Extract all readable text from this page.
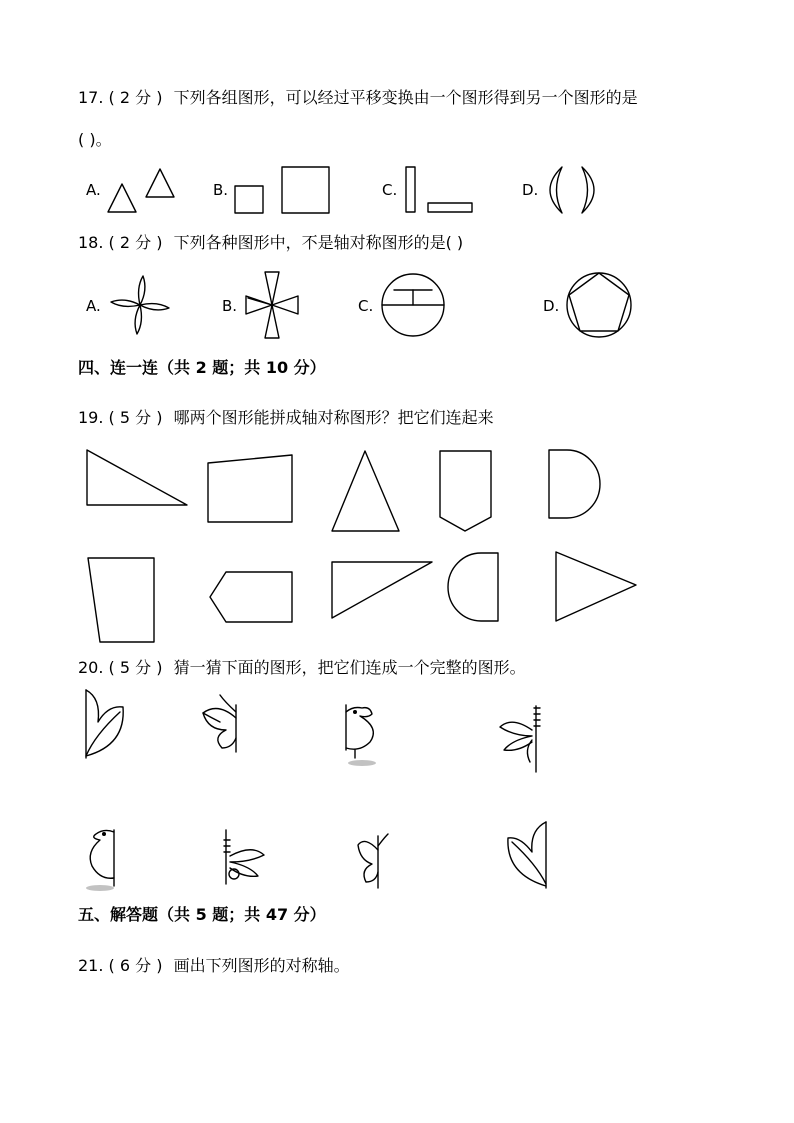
17. ( 2 分 ) 下列各组图形，可以经过平移变换由一个图形得到另一个图形的是
( )。
A.	B.	C.	D.
18. ( 2 分 ) 下列各种图形中，不是轴对称图形的是( )
A.	B.	C.	D.
四、连一连（共 2 题；共 10 分）
19. ( 5 分 ) 哪两个图形能拼成轴对称图形？把它们连起来
20. ( 5 分 ) 猜一猜下面的图形，把它们连成一个完整的图形。
五、解答题（共 5 题；共 47 分）
21. ( 6 分 ) 画出下列图形的对称轴。
